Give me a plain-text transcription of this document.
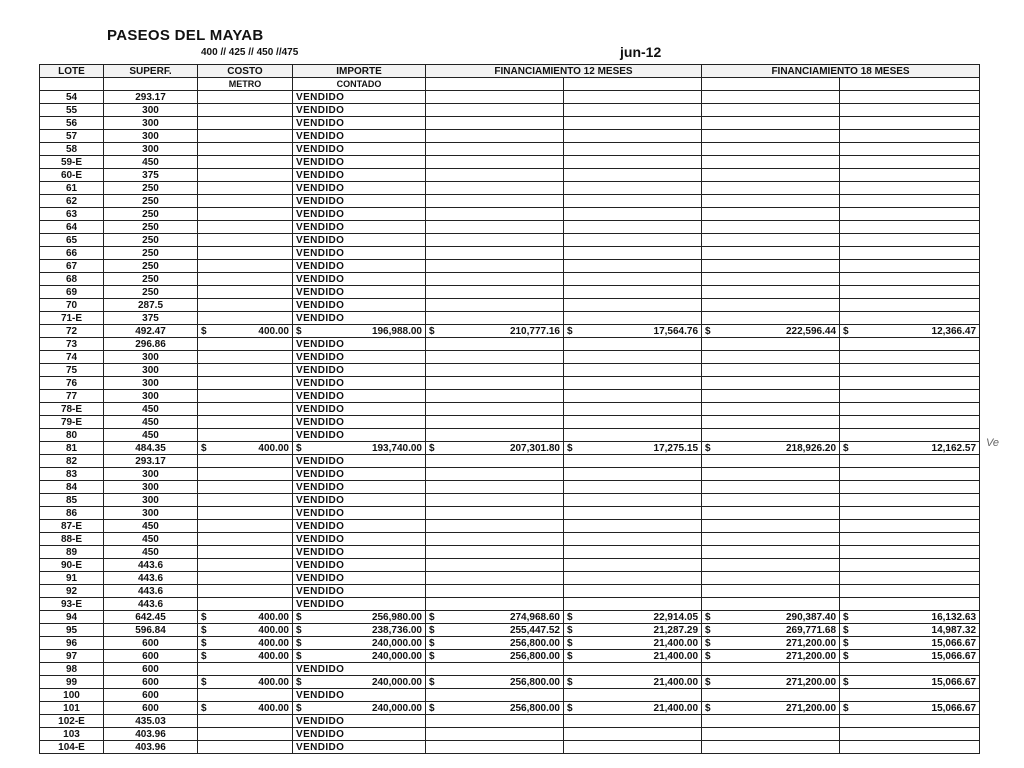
PASEOS DEL MAYAB
400 // 425 // 450 //475	jun-12
Ve
LOTE	SUPERF.	COSTO	IMPORTE	FINANCIAMIENTO 12 MESES		FINANCIAMIENTO 18 MESES	
		METRO	CONTADO				
54	293.17		VENDIDO				
55	300		VENDIDO				
56	300		VENDIDO				
57	300		VENDIDO				
58	300		VENDIDO				
59-E	450		VENDIDO				
60-E	375		VENDIDO				
61	250		VENDIDO				
62	250		VENDIDO				
63	250		VENDIDO				
64	250		VENDIDO				
65	250		VENDIDO				
66	250		VENDIDO				
67	250		VENDIDO				
68	250		VENDIDO				
69	250		VENDIDO				
70	287.5		VENDIDO				
71-E	375		VENDIDO				
72	492.47	$ 400.00	$ 196,988.00	$ 210,777.16	$ 17,564.76	$ 222,596.44	$ 12,366.47

73	296.86		VENDIDO				
74	300		VENDIDO				
75	300		VENDIDO				
76	300		VENDIDO				
77	300		VENDIDO				
78-E	450		VENDIDO				
79-E	450		VENDIDO				
80	450		VENDIDO				
81	484.35	$ 400.00	$ 193,740.00	$ 207,301.80	$ 17,275.15	$ 218,926.20	$ 12,162.57

82	293.17		VENDIDO				
83	300		VENDIDO				
84	300		VENDIDO				
85	300		VENDIDO				
86	300		VENDIDO				
87-E	450		VENDIDO				
88-E	450		VENDIDO				
89	450		VENDIDO				
90-E	443.6		VENDIDO				
91	443.6		VENDIDO				
92	443.6		VENDIDO				
93-E	443.6		VENDIDO				
94	642.45	$ 400.00	$ 256,980.00	$ 274,968.60	$ 22,914.05	$ 290,387.40	$ 16,132.63

95	596.84	$ 400.00	$ 238,736.00	$ 255,447.52	$ 21,287.29	$ 269,771.68	$ 14,987.32

96	600	$ 400.00	$ 240,000.00	$ 256,800.00	$ 21,400.00	$ 271,200.00	$ 15,066.67

97	600	$ 400.00	$ 240,000.00	$ 256,800.00	$ 21,400.00	$ 271,200.00	$ 15,066.67

98	600		VENDIDO				
99	600	$ 400.00	$ 240,000.00	$ 256,800.00	$ 21,400.00	$ 271,200.00	$ 15,066.67

100	600		VENDIDO				
101	600	$ 400.00	$ 240,000.00	$ 256,800.00	$ 21,400.00	$ 271,200.00	$ 15,066.67

102-E	435.03		VENDIDO				
103	403.96		VENDIDO				
104-E	403.96		VENDIDO				
